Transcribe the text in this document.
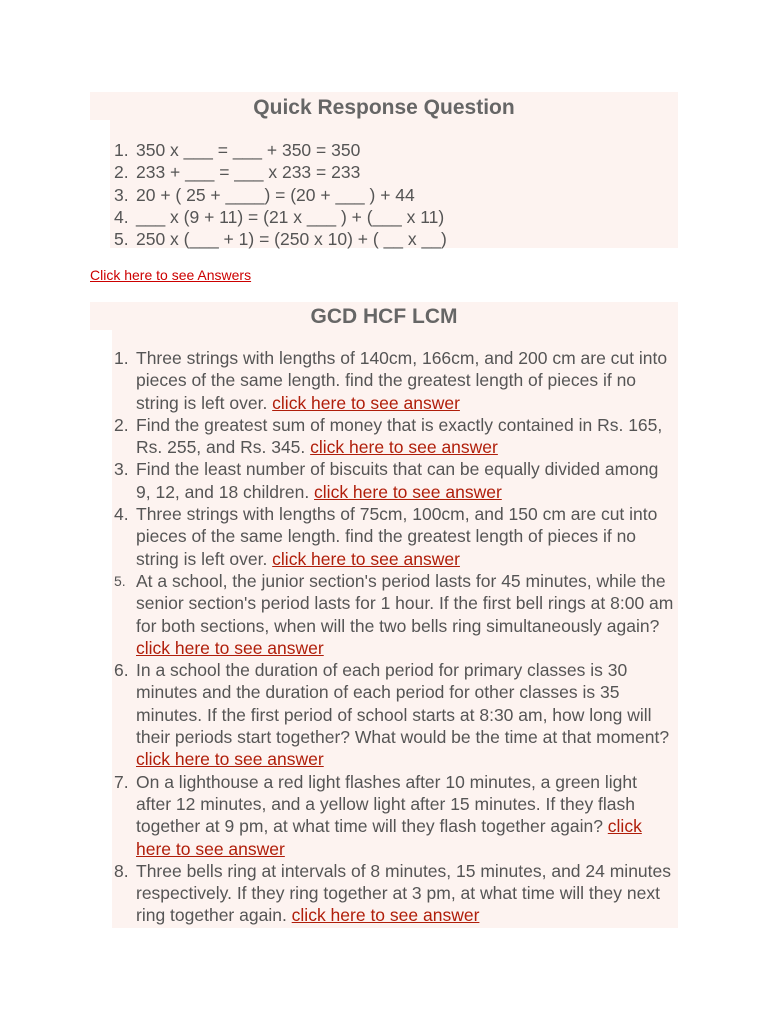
Quick Response Question
1. 350 x ___ = ___ + 350 = 350
2. 233 + ___ = ___ x 233 = 233
3. 20 + ( 25 + ____) = (20 + ___ ) + 44
4. ___ x (9 + 11) = (21 x ___ ) + (___ x 11)
5. 250 x (___ + 1) = (250 x 10) + ( __ x __)
Click here to see Answers
GCD HCF LCM
1. Three strings with lengths of 140cm, 166cm, and 200 cm are cut into pieces of the same length. find the greatest length of pieces if no string is left over. click here to see answer
2. Find the greatest sum of money that is exactly contained in Rs. 165, Rs. 255, and Rs. 345. click here to see answer
3. Find the least number of biscuits that can be equally divided among 9, 12, and 18 children. click here to see answer
4. Three strings with lengths of 75cm, 100cm, and 150 cm are cut into pieces of the same length. find the greatest length of pieces if no string is left over. click here to see answer
5. At a school, the junior section's period lasts for 45 minutes, while the senior section's period lasts for 1 hour. If the first bell rings at 8:00 am for both sections, when will the two bells ring simultaneously again? click here to see answer
6. In a school the duration of each period for primary classes is 30 minutes and the duration of each period for other classes is 35 minutes. If the first period of school starts at 8:30 am, how long will their periods start together? What would be the time at that moment? click here to see answer
7. On a lighthouse a red light flashes after 10 minutes, a green light after 12 minutes, and a yellow light after 15 minutes. If they flash together at 9 pm, at what time will they flash together again? click here to see answer
8. Three bells ring at intervals of 8 minutes, 15 minutes, and 24 minutes respectively. If they ring together at 3 pm, at what time will they next ring together again. click here to see answer
